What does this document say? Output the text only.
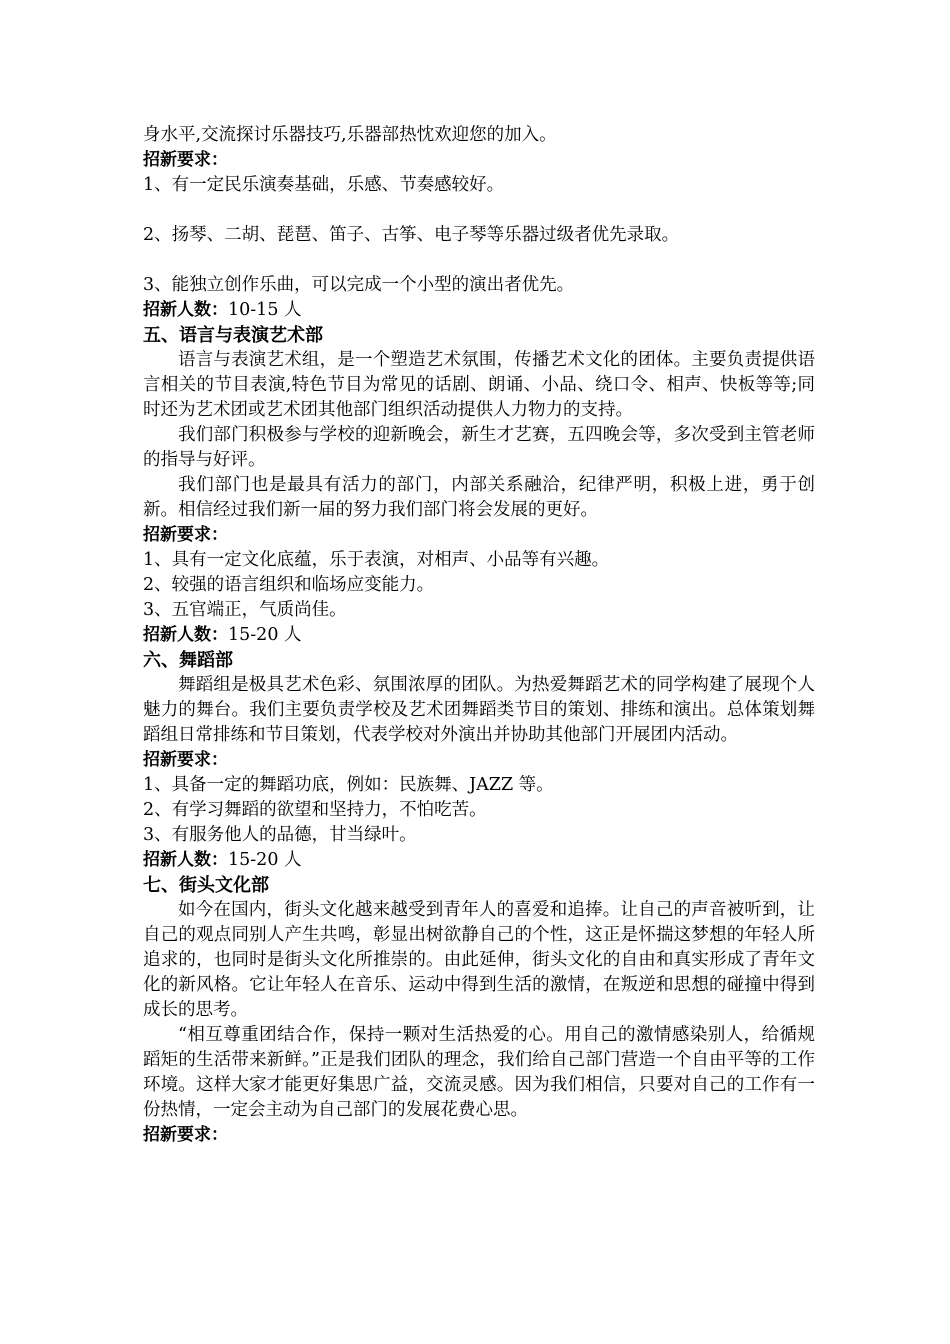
身水平,交流探讨乐器技巧,乐器部热忱欢迎您的加入。
招新要求：
1、有一定民乐演奏基础，乐感、节奏感较好。
2、扬琴、二胡、琵琶、笛子、古筝、电子琴等乐器过级者优先录取。
3、能独立创作乐曲，可以完成一个小型的演出者优先。
招新人数：10-15 人
五、语言与表演艺术部
语言与表演艺术组，是一个塑造艺术氛围，传播艺术文化的团体。主要负责提供语言相关的节目表演,特色节目为常见的话剧、朗诵、小品、绕口令、相声、快板等等;同时还为艺术团或艺术团其他部门组织活动提供人力物力的支持。
我们部门积极参与学校的迎新晚会，新生才艺赛，五四晚会等，多次受到主管老师的指导与好评。
我们部门也是最具有活力的部门，内部关系融洽，纪律严明，积极上进，勇于创新。相信经过我们新一届的努力我们部门将会发展的更好。
招新要求：
1、具有一定文化底蕴，乐于表演，对相声、小品等有兴趣。
2、较强的语言组织和临场应变能力。
3、五官端正，气质尚佳。
招新人数：15-20 人
六、舞蹈部
舞蹈组是极具艺术色彩、氛围浓厚的团队。为热爱舞蹈艺术的同学构建了展现个人魅力的舞台。我们主要负责学校及艺术团舞蹈类节目的策划、排练和演出。总体策划舞蹈组日常排练和节目策划，代表学校对外演出并协助其他部门开展团内活动。
招新要求：
1、具备一定的舞蹈功底，例如：民族舞、JAZZ 等。
2、有学习舞蹈的欲望和坚持力，不怕吃苦。
3、有服务他人的品德，甘当绿叶。
招新人数：15-20 人
七、街头文化部
如今在国内，街头文化越来越受到青年人的喜爱和追捧。让自己的声音被听到，让自己的观点同别人产生共鸣，彰显出树欲静自己的个性，这正是怀揣这梦想的年轻人所追求的，也同时是街头文化所推崇的。由此延伸，街头文化的自由和真实形成了青年文化的新风格。它让年轻人在音乐、运动中得到生活的激情，在叛逆和思想的碰撞中得到成长的思考。
“相互尊重团结合作，保持一颗对生活热爱的心。用自己的激情感染别人，给循规蹈矩的生活带来新鲜。”正是我们团队的理念，我们给自己部门营造一个自由平等的工作环境。这样大家才能更好集思广益，交流灵感。因为我们相信，只要对自己的工作有一份热情，一定会主动为自己部门的发展花费心思。
招新要求：
